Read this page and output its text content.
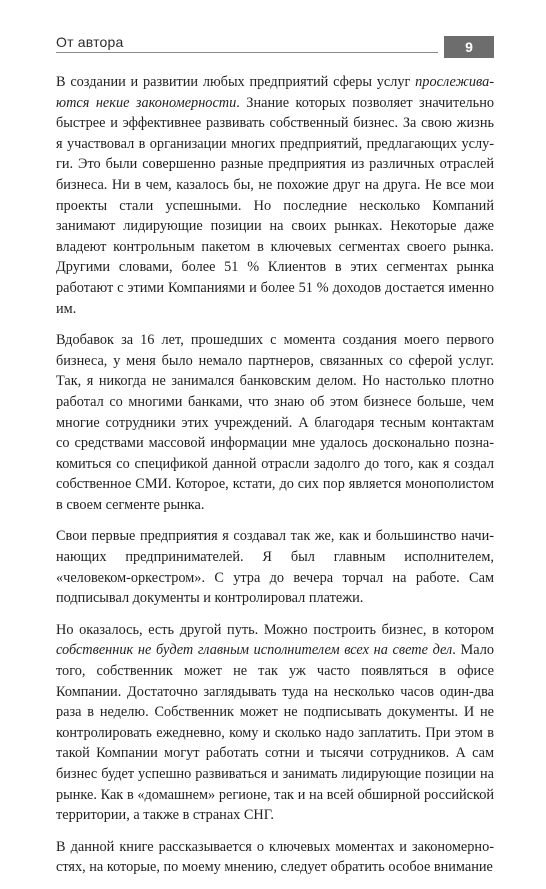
От автора	9

В создании и развитии любых предприятий сферы услуг прослеживаются некие закономерности. Знание которых позволяет значительно быстрее и эффективнее развивать собственный бизнес. За свою жизнь я участвовал в организации многих предприятий, предлагающих услуги. Это были совершенно разные предприятия из различных отраслей бизнеса. Ни в чем, казалось бы, не похожие друг на друга. Не все мои проекты стали успешными. Но последние несколько Компаний занимают лидирующие позиции на своих рынках. Некоторые даже владеют контрольным пакетом в ключевых сегментах своего рынка. Другими словами, более 51 % Клиентов в этих сегментах рынка работают с этими Компаниями и более 51 % доходов достается именно им.

Вдобавок за 16 лет, прошедших с момента создания моего первого бизнеса, у меня было немало партнеров, связанных со сферой услуг. Так, я никогда не занимался банковским делом. Но настолько плотно работал со многими банками, что знаю об этом бизнесе больше, чем многие сотрудники этих учреждений. А благодаря тесным контактам со средствами массовой информации мне удалось досконально познакомиться со спецификой данной отрасли задолго до того, как я создал собственное СМИ. Которое, кстати, до сих пор является монополистом в своем сегменте рынка.

Свои первые предприятия я создавал так же, как и большинство начинающих предпринимателей. Я был главным исполнителем, «человеком-оркестром». С утра до вечера торчал на работе. Сам подписывал документы и контролировал платежи.

Но оказалось, есть другой путь. Можно построить бизнес, в котором собственник не будет главным исполнителем всех на свете дел. Мало того, собственник может не так уж часто появляться в офисе Компании. Достаточно заглядывать туда на несколько часов один-два раза в неделю. Собственник может не подписывать документы. И не контролировать ежедневно, кому и сколько надо заплатить. При этом в такой Компании могут работать сотни и тысячи сотрудников. А сам бизнес будет успешно развиваться и занимать лидирующие позиции на рынке. Как в «домашнем» регионе, так и на всей обширной российской территории, а также в странах СНГ.

В данной книге рассказывается о ключевых моментах и закономерностях, на которые, по моему мнению, следует обратить особое внимание
